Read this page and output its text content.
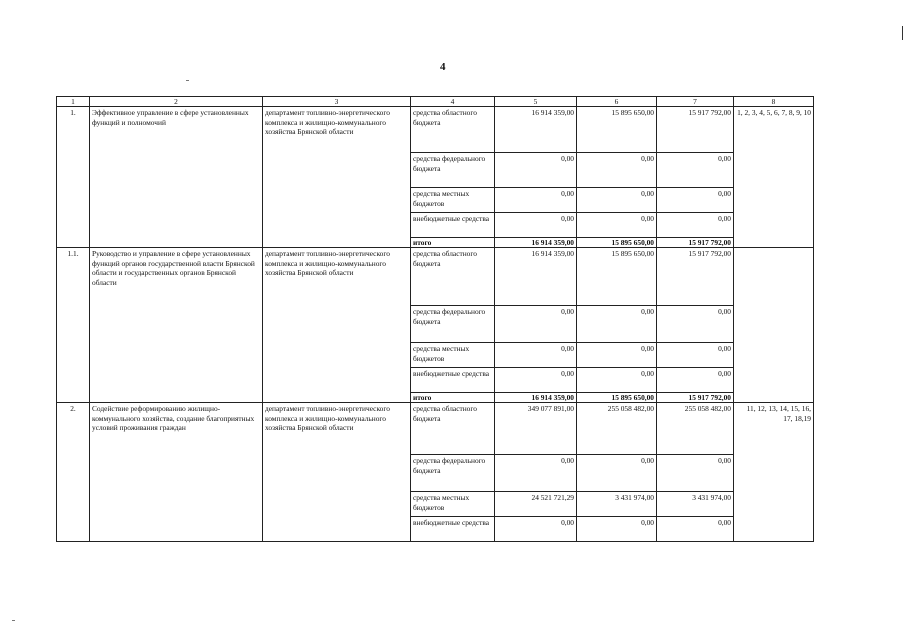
4
1	2	3	4	5	6	7	8
1.	Эффективное управление в сфере установленных функций и полномочий	департамент топливно-энергетического комплекса и жилищно-коммунального хозяйства Брянской области	средства областного бюджета	16 914 359,00	15 895 650,00	15 917 792,00	1, 2, 3, 4, 5, 6, 7, 8, 9, 10
			средства федерального бюджета	0,00	0,00	0,00	
			средства местных бюджетов	0,00	0,00	0,00	
			внебюджетные средства	0,00	0,00	0,00	
			итого	16 914 359,00	15 895 650,00	15 917 792,00	
1.1.	Руководство и управление в сфере установленных функций органов государственной власти Брянской области и государственных органов Брянской области	департамент топливно-энергетического комплекса и жилищно-коммунального хозяйства Брянской области	средства областного бюджета	16 914 359,00	15 895 650,00	15 917 792,00	
			средства федерального бюджета	0,00	0,00	0,00	
			средства местных бюджетов	0,00	0,00	0,00	
			внебюджетные средства	0,00	0,00	0,00	
			итого	16 914 359,00	15 895 650,00	15 917 792,00	
2.	Содействие реформированию жилищно-коммунального хозяйства, создание благоприятных условий проживания граждан	департамент топливно-энергетического комплекса и жилищно-коммунального хозяйства Брянской области	средства областного бюджета	349 077 891,00	255 058 482,00	255 058 482,00	11, 12, 13, 14, 15, 16, 17, 18,19
			средства федерального бюджета	0,00	0,00	0,00	
			средства местных бюджетов	24 521 721,29	3 431 974,00	3 431 974,00	
			внебюджетные средства	0,00	0,00	0,00	
